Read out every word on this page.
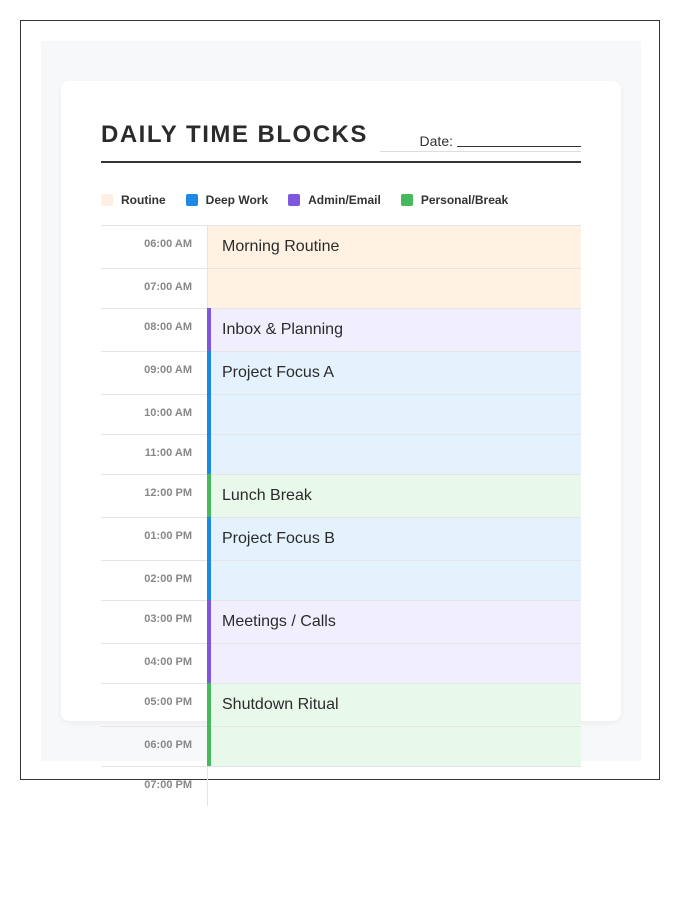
DAILY TIME BLOCKS	Date:
Routine	Deep Work	Admin/Email	Personal/Break
06:00 AM	Morning Routine
07:00 AM
08:00 AM	Inbox & Planning
09:00 AM	Project Focus A
10:00 AM
11:00 AM
12:00 PM	Lunch Break
01:00 PM	Project Focus B
02:00 PM
03:00 PM	Meetings / Calls
04:00 PM
05:00 PM	Shutdown Ritual
06:00 PM
07:00 PM
